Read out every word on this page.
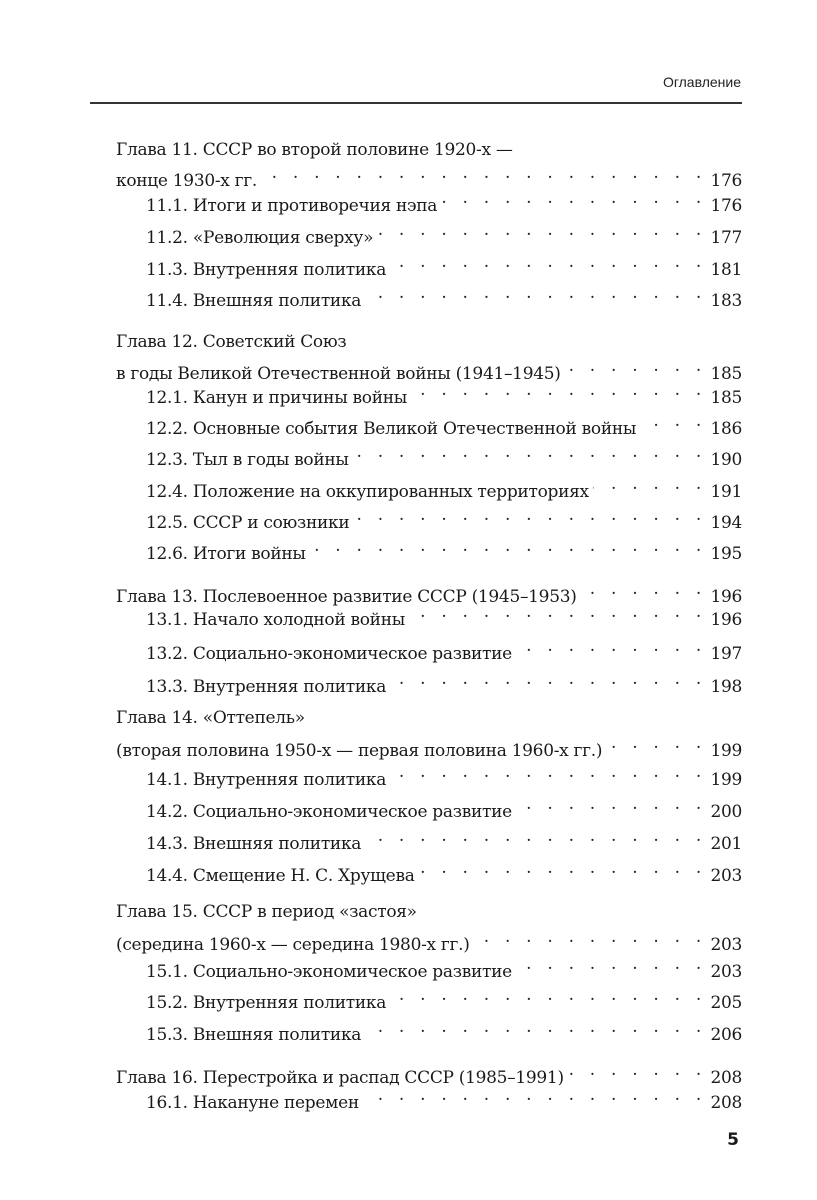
Оглавление
Глава 11. СССР во второй половине 1920-х —
конце 1930-х гг. . . .	176
11.1. Итоги и противоречия нэпа . . .	176
11.2. «Революция сверху» . . .	177
11.3. Внутренняя политика . . .	181
11.4. Внешняя политика . . .	183
Глава 12. Советский Союз
в годы Великой Отечественной войны (1941–1945) . . .	185
12.1. Канун и причины войны . . .	185
12.2. Основные события Великой Отечественной войны . . .	186
12.3. Тыл в годы войны . . .	190
12.4. Положение на оккупированных территориях . . .	191
12.5. СССР и союзники . . .	194
12.6. Итоги войны . . .	195
Глава 13. Послевоенное развитие СССР (1945–1953) . . .	196
13.1. Начало холодной войны . . .	196
13.2. Социально-экономическое развитие . . .	197
13.3. Внутренняя политика . . .	198
Глава 14. «Оттепель»
(вторая половина 1950-х — первая половина 1960-х гг.) . . .	199
14.1. Внутренняя политика . . .	199
14.2. Социально-экономическое развитие . . .	200
14.3. Внешняя политика . . .	201
14.4. Смещение Н. С. Хрущева . . .	203
Глава 15. СССР в период «застоя»
(середина 1960-х — середина 1980-х гг.) . . .	203
15.1. Социально-экономическое развитие . . .	203
15.2. Внутренняя политика . . .	205
15.3. Внешняя политика . . .	206
Глава 16. Перестройка и распад СССР (1985–1991) . . .	208
16.1. Накануне перемен . . .	208
5
